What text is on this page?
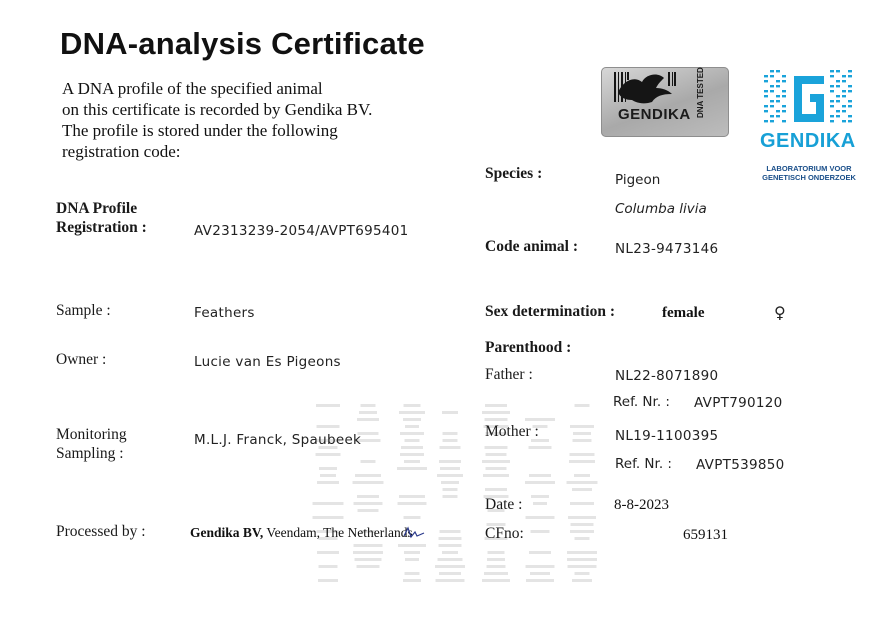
DNA-analysis Certificate
A DNA profile of the specified animal
on this certificate is recorded by Gendika BV.
The profile is stored under the following
registration code:
GENDIKA DNA TESTED
GENDIKA
LABORATORIUM VOOR
GENETISCH ONDERZOEK
DNA Profile
Registration :	AV2313239-2054/AVPT695401
Sample :	Feathers
Owner :	Lucie van Es Pigeons
Monitoring
Sampling :
M.L.J. Franck, Spaubeek
Processed by :	Gendika BV, Veendam, The Netherlands
Species :	Pigeon
Columba livia
Code animal :	NL23-9473146
Sex determination :	female	♀
Parenthood :
Father :	NL22-8071890
Ref. Nr. : AVPT790120
Mother :	NL19-1100395
Ref. Nr. : AVPT539850
Date :	8-8-2023
CFno:	659131
